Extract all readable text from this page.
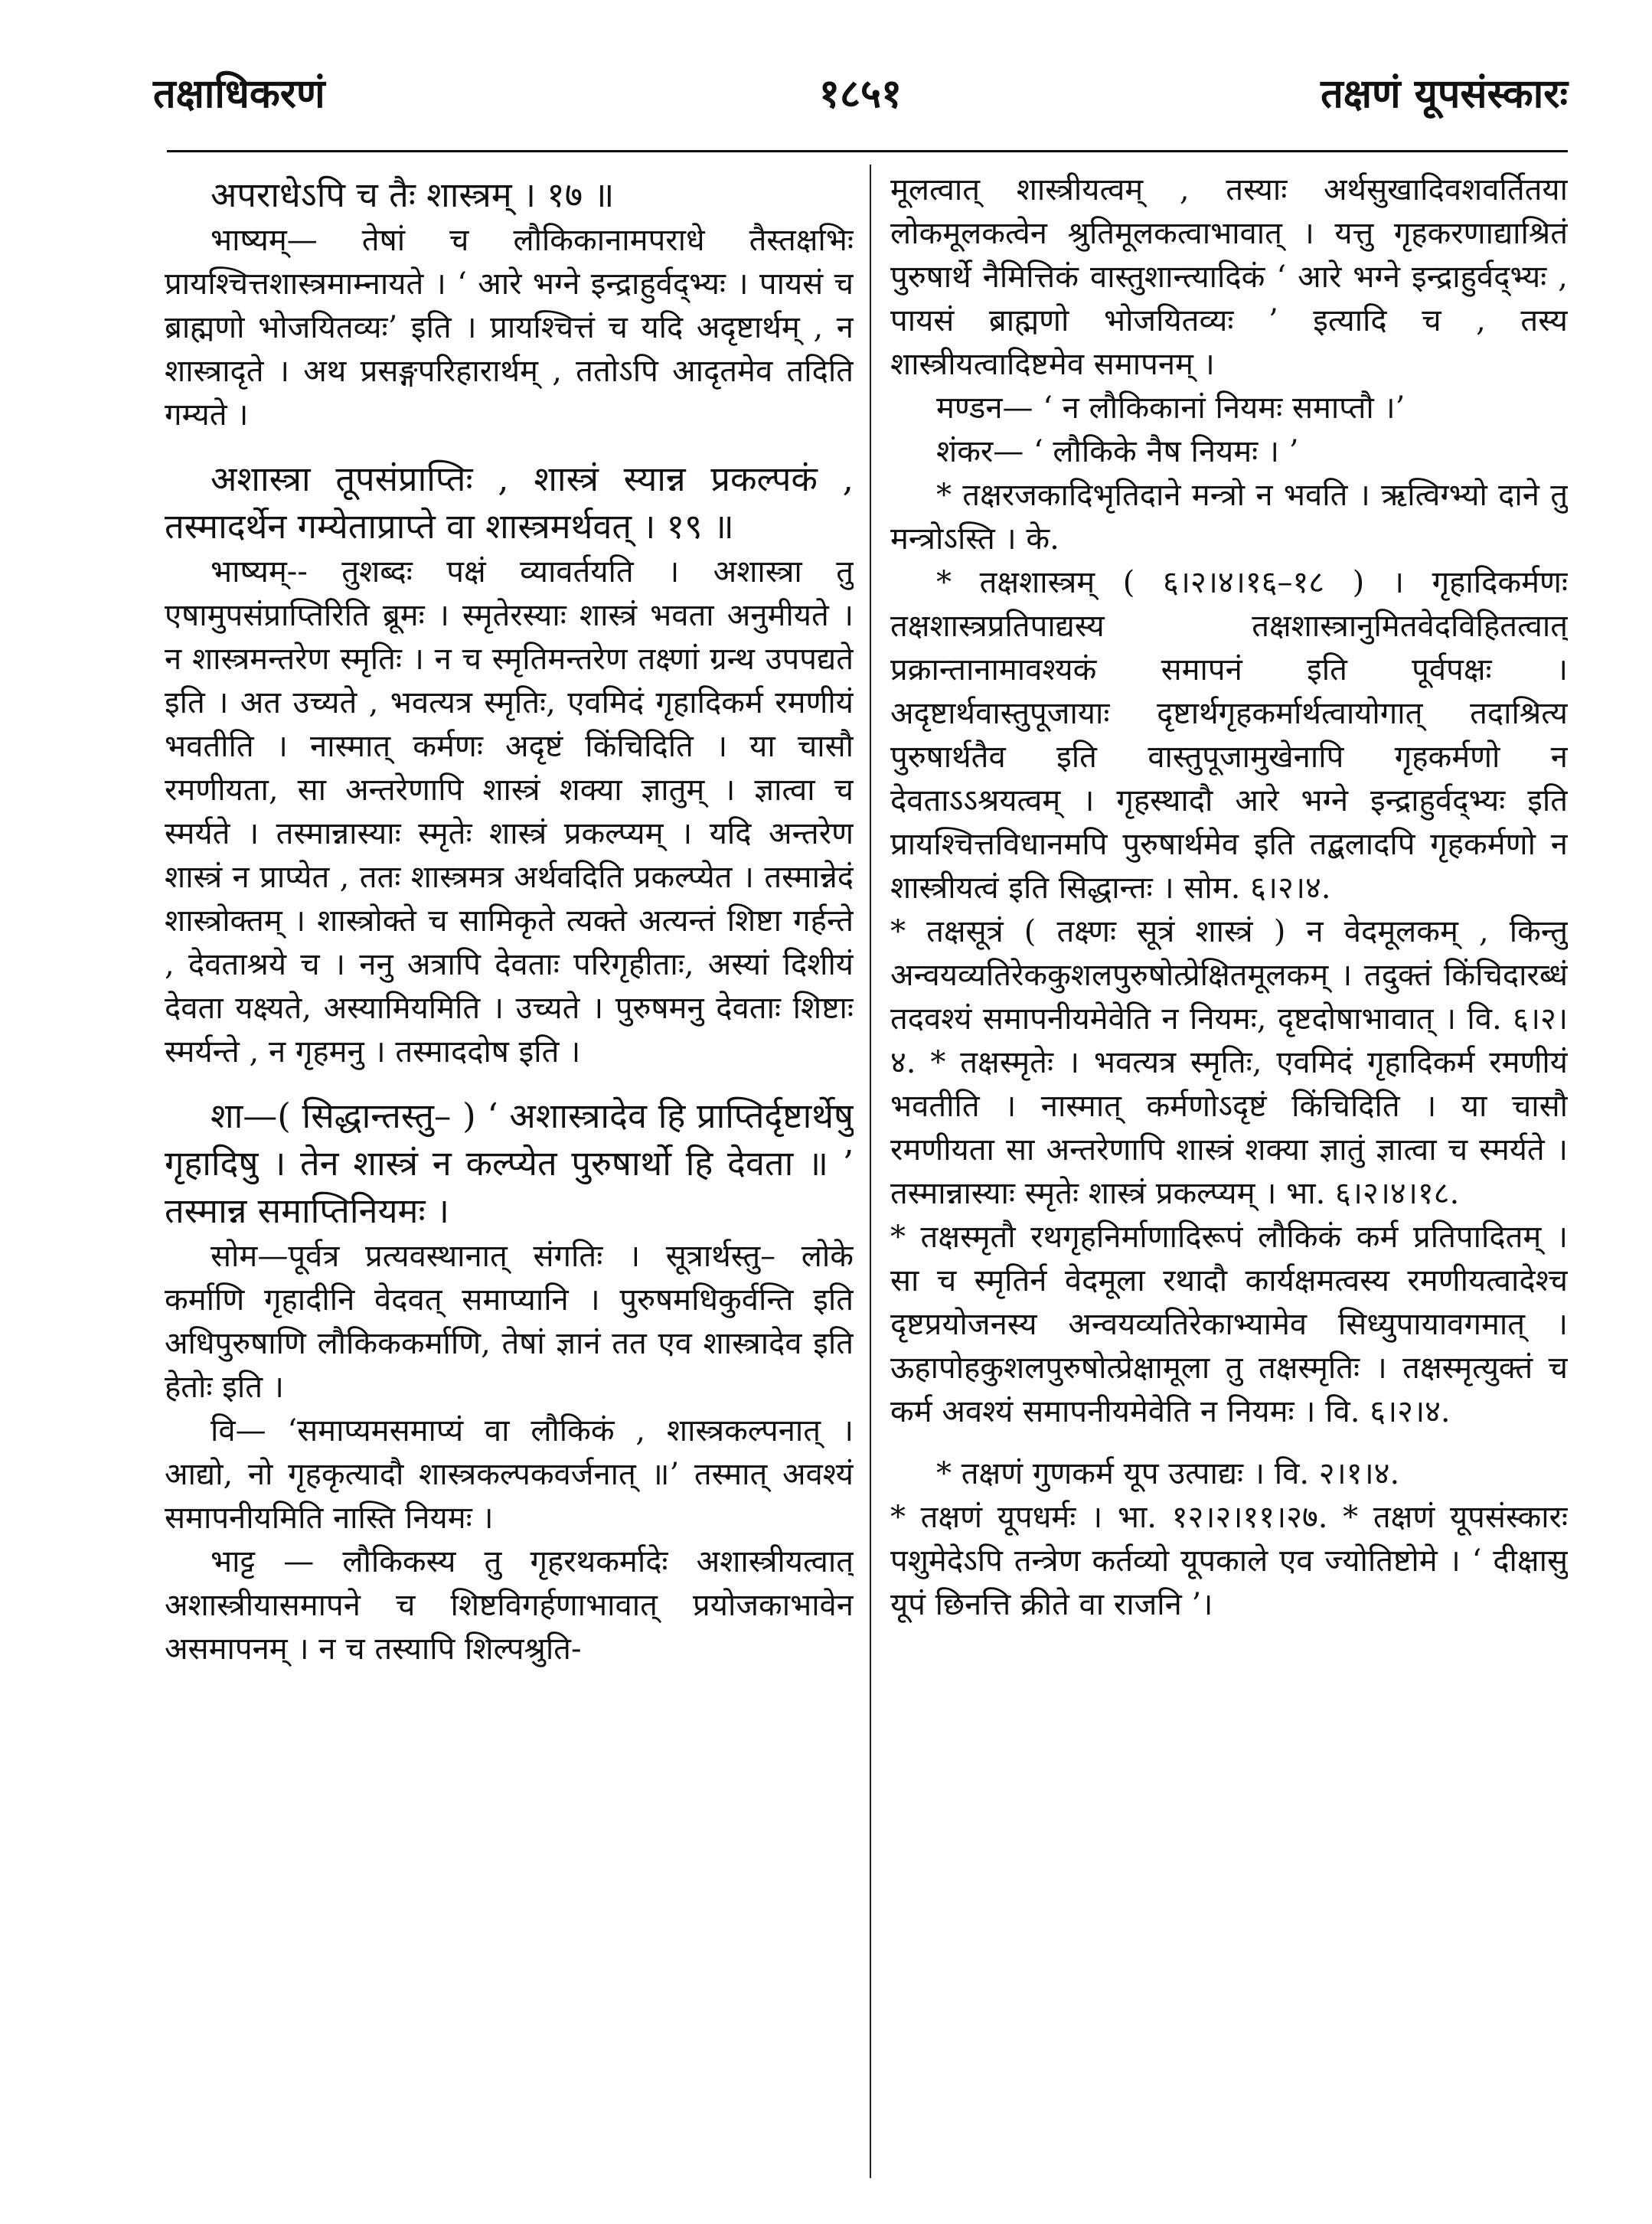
तक्षाधिकरणं	१८५१	तक्षणं यूपसंस्कारः

अपराधेऽपि च तैः शास्त्रम् । १७ ॥

भाष्यम्— तेषां च लौकिकानामपराधे तैस्तक्षभिः प्रायश्चित्तशास्त्रमाम्नायते । ‘ आरे भग्ने इन्द्राहुर्वद्भ्यः । पायसं च ब्राह्मणो भोजयितव्यः’ इति । प्रायश्चित्तं च यदि अदृष्टार्थम् , न शास्त्रादृते । अथ प्रसङ्गपरिहारार्थम् , ततोऽपि आदृतमेव तदिति गम्यते ।

अशास्त्रा तूपसंप्राप्तिः , शास्त्रं स्यान्न प्रकल्पकं , तस्मादर्थेन गम्येताप्राप्ते वा शास्त्रमर्थवत् । १९ ॥

भाष्यम्-- तुशब्दः पक्षं व्यावर्तयति । अशास्त्रा तु एषामुपसंप्राप्तिरिति ब्रूमः । स्मृतेरस्याः शास्त्रं भवता अनुमीयते । न शास्त्रमन्तरेण स्मृतिः । न च स्मृतिमन्तरेण तक्ष्णां ग्रन्थ उपपद्यते इति । अत उच्यते , भवत्यत्र स्मृतिः, एवमिदं गृहादिकर्म रमणीयं भवतीति । नास्मात् कर्मणः अदृष्टं किंचिदिति । या चासौ रमणीयता, सा अन्तरेणापि शास्त्रं शक्या ज्ञातुम् । ज्ञात्वा च स्मर्यते । तस्मान्नास्याः स्मृतेः शास्त्रं प्रकल्प्यम् । यदि अन्तरेण शास्त्रं न प्राप्येत , ततः शास्त्रमत्र अर्थवदिति प्रकल्प्येत । तस्मान्नेदं शास्त्रोक्तम् । शास्त्रोक्ते च सामिकृते त्यक्ते अत्यन्तं शिष्टा गर्हन्ते , देवताश्रये च । ननु अत्रापि देवताः परिगृहीताः, अस्यां दिशीयं देवता यक्ष्यते, अस्यामियमिति । उच्यते । पुरुषमनु देवताः शिष्टाः स्मर्यन्ते , न गृहमनु । तस्माददोष इति ।

शा—( सिद्धान्तस्तु– ) ‘ अशास्त्रादेव हि प्राप्तिर्दृष्टार्थेषु गृहादिषु । तेन शास्त्रं न कल्प्येत पुरुषार्थो हि देवता ॥ ’ तस्मान्न समाप्तिनियमः ।

सोम—पूर्वत्र प्रत्यवस्थानात् संगतिः । सूत्रार्थस्तु– लोके कर्माणि गृहादीनि वेदवत् समाप्यानि । पुरुषमधिकुर्वन्ति इति अधिपुरुषाणि लौकिककर्माणि, तेषां ज्ञानं तत एव शास्त्रादेव इति हेतोः इति ।

वि— ‘समाप्यमसमाप्यं वा लौकिकं , शास्त्रकल्पनात् । आद्यो, नो गृहकृत्यादौ शास्त्रकल्पकवर्जनात् ॥’ तस्मात् अवश्यं समापनीयमिति नास्ति नियमः ।

भाट्ट — लौकिकस्य तु गृहरथकर्मादेः अशास्त्रीयत्वात् अशास्त्रीयासमापने च शिष्टविगर्हणाभावात् प्रयोजकाभावेन असमापनम् । न च तस्यापि शिल्पश्रुति-

मूलत्वात् शास्त्रीयत्वम् , तस्याः अर्थसुखादिवशवर्तितया लोकमूलकत्वेन श्रुतिमूलकत्वाभावात् । यत्तु गृहकरणाद्याश्रितं पुरुषार्थे नैमित्तिकं वास्तुशान्त्यादिकं ‘ आरे भग्ने इन्द्राहुर्वद्भ्यः , पायसं ब्राह्मणो भोजयितव्यः ’ इत्यादि च , तस्य शास्त्रीयत्वादिष्टमेव समापनम् ।

मण्डन— ‘ न लौकिकानां नियमः समाप्तौ ।’

शंकर— ‘ लौकिके नैष नियमः । ’

* तक्षरजकादिभृतिदाने मन्त्रो न भवति । ऋत्विग्भ्यो दाने तु मन्त्रोऽस्ति । के.

* तक्षशास्त्रम् ( ६।२।४।१६–१८ ) । गृहादिकर्मणः तक्षशास्त्रप्रतिपाद्यस्य तक्षशास्त्रानुमितवेदविहितत्वात् प्रक्रान्तानामावश्यकं समापनं इति पूर्वपक्षः । अदृष्टार्थवास्तुपूजायाः दृष्टार्थगृहकर्मार्थत्वायोगात् तदाश्रित्य पुरुषार्थतैव इति वास्तुपूजामुखेनापि गृहकर्मणो न देवताऽऽश्रयत्वम् । गृहस्थादौ आरे भग्ने इन्द्राहुर्वद्भ्यः इति प्रायश्चित्तविधानमपि पुरुषार्थमेव इति तद्बलादपि गृहकर्मणो न शास्त्रीयत्वं इति सिद्धान्तः । सोम. ६।२।४.

* तक्षसूत्रं ( तक्ष्णः सूत्रं शास्त्रं ) न वेदमूलकम् , किन्तु अन्वयव्यतिरेककुशलपुरुषोत्प्रेक्षितमूलकम् । तदुक्तं किंचिदारब्धं तदवश्यं समापनीयमेवेति न नियमः, दृष्टदोषाभावात् । वि. ६।२।४. * तक्षस्मृतेः । भवत्यत्र स्मृतिः, एवमिदं गृहादिकर्म रमणीयं भवतीति । नास्मात् कर्मणोऽदृष्टं किंचिदिति । या चासौ रमणीयता सा अन्तरेणापि शास्त्रं शक्या ज्ञातुं ज्ञात्वा च स्मर्यते । तस्मान्नास्याः स्मृतेः शास्त्रं प्रकल्प्यम् । भा. ६।२।४।१८.

* तक्षस्मृतौ रथगृहनिर्माणादिरूपं लौकिकं कर्म प्रतिपादितम् । सा च स्मृतिर्न वेदमूला रथादौ कार्यक्षमत्वस्य रमणीयत्वादेश्च दृष्टप्रयोजनस्य अन्वयव्यतिरेकाभ्यामेव सिध्युपायावगमात् । ऊहापोहकुशलपुरुषोत्प्रेक्षामूला तु तक्षस्मृतिः । तक्षस्मृत्युक्तं च कर्म अवश्यं समापनीयमेवेति न नियमः । वि. ६।२।४.

* तक्षणं गुणकर्म यूप उत्पाद्यः । वि. २।१।४.

* तक्षणं यूपधर्मः । भा. १२।२।११।२७. * तक्षणं यूपसंस्कारः पशुमेदेऽपि तन्त्रेण कर्तव्यो यूपकाले एव ज्योतिष्टोमे । ‘ दीक्षासु यूपं छिनत्ति क्रीते वा राजनि ’।
